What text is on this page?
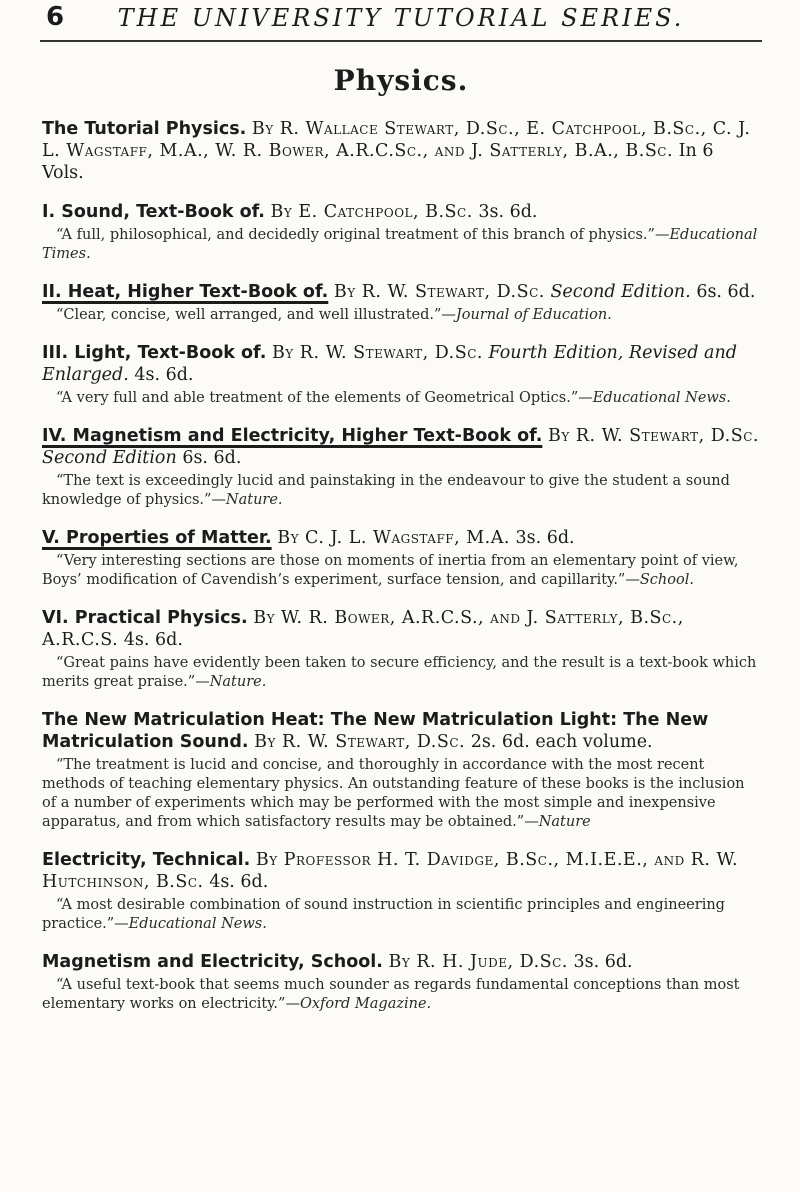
6	THE UNIVERSITY TUTORIAL SERIES.
Physics.
The Tutorial Physics. By R. Wallace Stewart, D.Sc., E. Catchpool, B.Sc., C. J. L. Wagstaff, M.A., W. R. Bower, A.R.C.Sc., and J. Satterly, B.A., B.Sc. In 6 Vols.
I. Sound, Text-Book of. By E. Catchpool, B.Sc. 3s. 6d.
“A full, philosophical, and decidedly original treatment of this branch of physics.”—Educational Times.
II. Heat, Higher Text-Book of. By R. W. Stewart, D.Sc. Second Edition. 6s. 6d.
“Clear, concise, well arranged, and well illustrated.”—Journal of Education.
III. Light, Text-Book of. By R. W. Stewart, D.Sc. Fourth Edition, Revised and Enlarged. 4s. 6d.
“A very full and able treatment of the elements of Geometrical Optics.”—Educational News.
IV. Magnetism and Electricity, Higher Text-Book of. By R. W. Stewart, D.Sc. Second Edition 6s. 6d.
“The text is exceedingly lucid and painstaking in the endeavour to give the student a sound knowledge of physics.”—Nature.
V. Properties of Matter. By C. J. L. Wagstaff, M.A. 3s. 6d.
“Very interesting sections are those on moments of inertia from an elementary point of view, Boys’ modification of Cavendish’s experiment, surface tension, and capillarity.”—School.
VI. Practical Physics. By W. R. Bower, A.R.C.S., and J. Satterly, B.Sc., A.R.C.S. 4s. 6d.
“Great pains have evidently been taken to secure efficiency, and the result is a text-book which merits great praise.”—Nature.
The New Matriculation Heat: The New Matriculation Light: The New Matriculation Sound. By R. W. Stewart, D.Sc. 2s. 6d. each volume.
“The treatment is lucid and concise, and thoroughly in accordance with the most recent methods of teaching elementary physics. An outstanding feature of these books is the inclusion of a number of experiments which may be performed with the most simple and inexpensive apparatus, and from which satisfactory results may be obtained.”—Nature
Electricity, Technical. By Professor H. T. Davidge, B.Sc., M.I.E.E., and R. W. Hutchinson, B.Sc. 4s. 6d.
“A most desirable combination of sound instruction in scientific principles and engineering practice.”—Educational News.
Magnetism and Electricity, School. By R. H. Jude, D.Sc. 3s. 6d.
“A useful text-book that seems much sounder as regards fundamental conceptions than most elementary works on electricity.”—Oxford Magazine.
